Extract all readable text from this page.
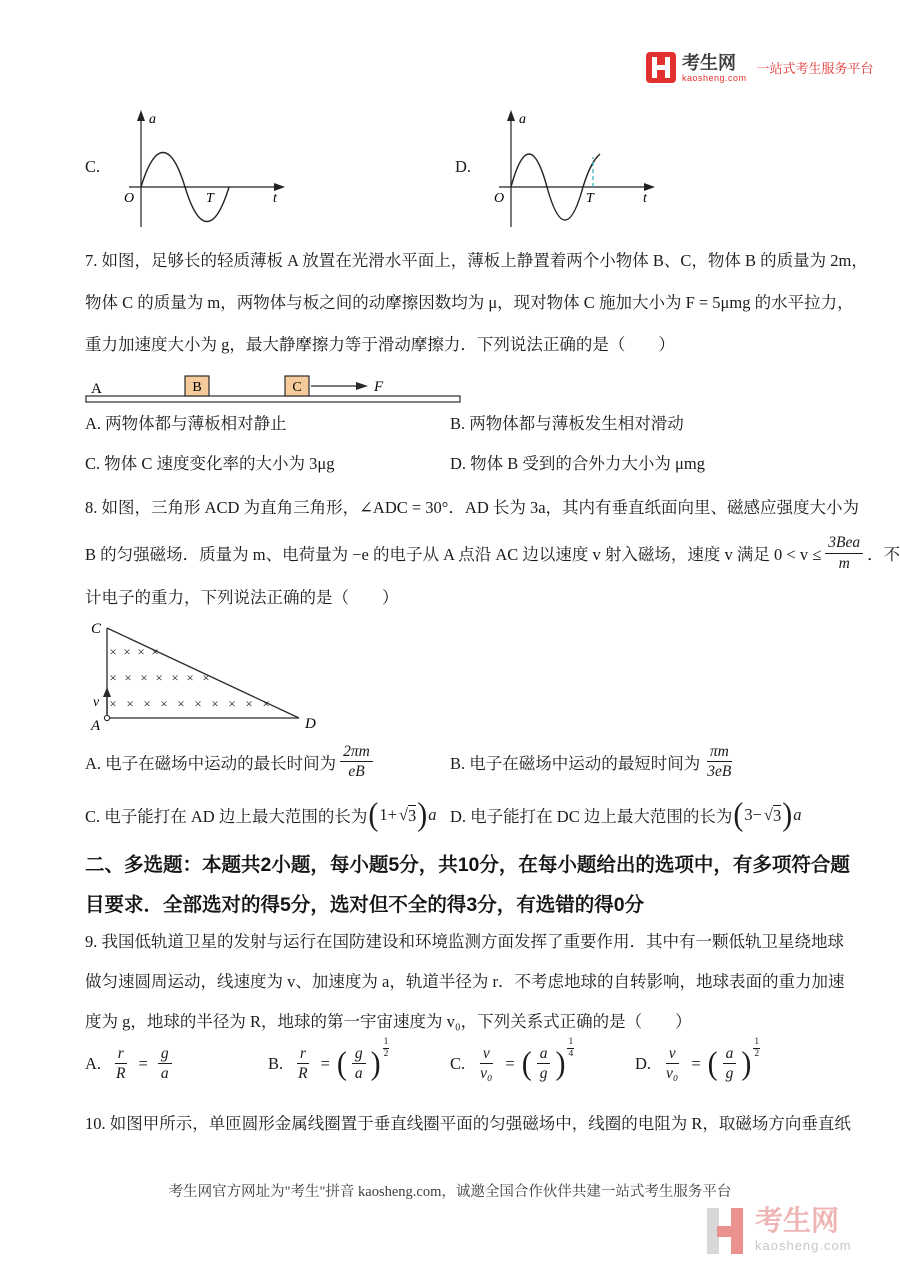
考生网
kaosheng.com
一站式考生服务平台
C.
a
t
O	T
D.
a
t
O	T
7. 如图，足够长的轻质薄板 A 放置在光滑水平面上，薄板上静置着两个小物体 B、C，物体 B 的质量为 2m，
物体 C 的质量为 m，两物体与板之间的动摩擦因数均为 μ，现对物体 C 施加大小为 F = 5μmg 的水平拉力，
重力加速度大小为 g，最大静摩擦力等于滑动摩擦力．下列说法正确的是（　　）
A	B	C	F
A. 两物体都与薄板相对静止	B. 两物体都与薄板发生相对滑动
C. 物体 C 速度变化率的大小为 3μg	D. 物体 B 受到的合外力大小为 μmg
8. 如图，三角形 ACD 为直角三角形，∠ADC = 30°．AD 长为 3a，其内有垂直纸面向里、磁感应强度大小为
B 的匀强磁场．质量为 m、电荷量为 −e 的电子从 A 点沿 AC 边以速度 v 射入磁场，速度 v 满足 $0 < v \le \frac{\text{3Bea}}{m}$ ．不
计电子的重力，下列说法正确的是（　　）
C
A	D
v
× × × ×
× × × × × × ×
× × × × × × × × × ×
A. 电子在磁场中运动的最长时间为 $\frac{2\pi m}{eB}$	B. 电子在磁场中运动的最短时间为 $\frac{\pi m}{3eB}$
C. 电子能打在 AD 边上最大范围的长为 ( 1+ √ 3 ) a D. 电子能打在 DC 边上最大范围的长为 ( 3− √ 3 ) a
二、多选题：本题共2小题，每小题5分，共10分，在每小题给出的选项中，有多项符合题
目要求．全部选对的得5分，选对但不全的得3分，有选错的得0分
9. 我国低轨道卫星的发射与运行在国防建设和环境监测方面发挥了重要作用．其中有一颗低轨卫星绕地球
做匀速圆周运动，线速度为 v、加速度为 a，轨道半径为 r．不考虑地球的自转影响，地球表面的重力加速
度为 g，地球的半径为 R，地球的第一宇宙速度为 v₀，下列关系式正确的是（　　）
A. $\frac{r}{R} = \frac{g}{a}$	B. $\frac{r}{R}$ = ( $\frac{g}{a}$ )
1
2	C. $\frac{v}{\text{v₀}}$ = ( $\frac{a}{g}$ )
1
4	D. $\frac{v}{\text{v₀}}$ = ( $\frac{a}{g}$ )
1
2
10. 如图甲所示，单匝圆形金属线圈置于垂直线圈平面的匀强磁场中，线圈的电阻为 R，取磁场方向垂直纸
考生网官方网址为"考生"拼音 kaosheng.com，诚邀全国合作伙伴共建一站式考生服务平台
考生网
kaosheng.com
